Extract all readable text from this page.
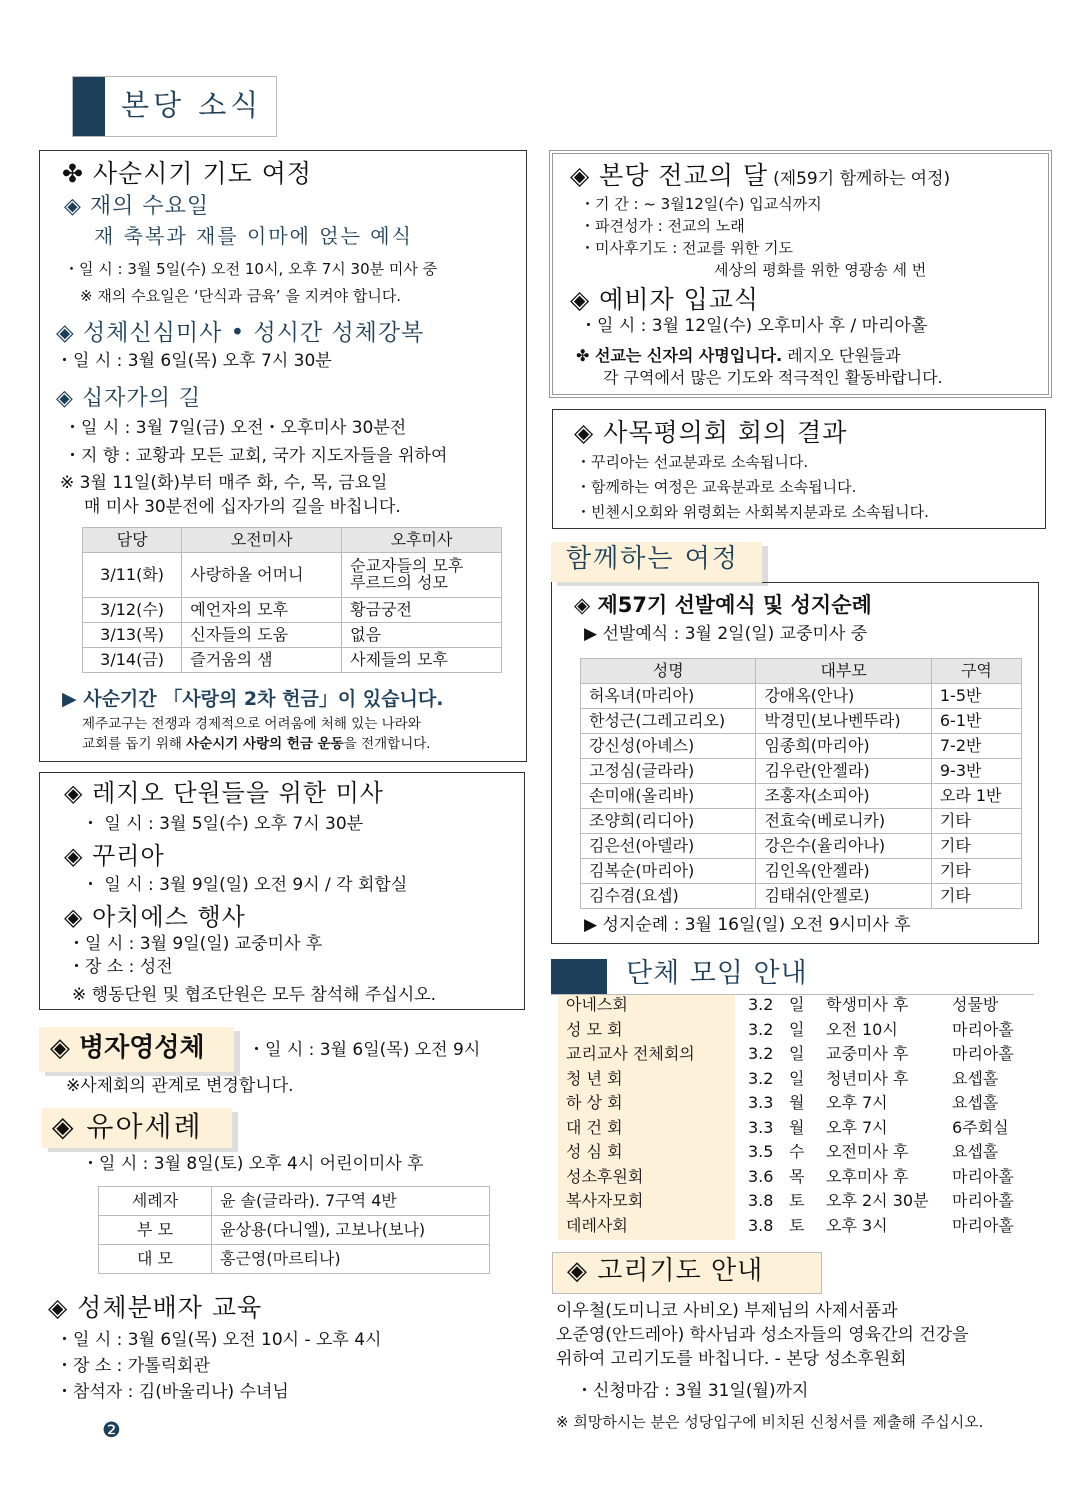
본당 소식
✤ 사순시기 기도 여정
◈ 재의 수요일
재 축복과 재를 이마에 얹는 예식
・일 시 : 3월 5일(수) 오전 10시, 오후 7시 30분 미사 중
※ 재의 수요일은 ‘단식과 금육’ 을 지켜야 합니다.
◈ 성체신심미사 • 성시간 성체강복
・일 시 : 3월 6일(목) 오후 7시 30분
◈ 십자가의 길
・일 시 : 3월 7일(금) 오전・오후미사 30분전
・지 향 : 교황과 모든 교회, 국가 지도자들을 위하여
※ 3월 11일(화)부터 매주 화, 수, 목, 금요일
매 미사 30분전에 십자가의 길을 바칩니다.
담당	오전미사	오후미사
3/11(화)	사랑하올 어머니	순교자들의 모후
루르드의 성모
3/12(수)	예언자의 모후	황금궁전
3/13(목)	신자들의 도움	없음
3/14(금)	즐거움의 샘	사제들의 모후
▶ 사순기간 「사랑의 2차 헌금」이 있습니다.
제주교구는 전쟁과 경제적으로 어려움에 처해 있는 나라와
교회를 돕기 위해 사순시기 사랑의 헌금 운동을 전개합니다.
◈ 레지오 단원들을 위한 미사
・ 일 시 : 3월 5일(수) 오후 7시 30분
◈ 꾸리아
・ 일 시 : 3월 9일(일) 오전 9시 / 각 회합실
◈ 아치에스 행사
・일 시 : 3월 9일(일) 교중미사 후
・장 소 : 성전
※ 행동단원 및 협조단원은 모두 참석해 주십시오.
◈ 병자영성체	・일 시 : 3월 6일(목) 오전 9시
※사제회의 관계로 변경합니다.
◈ 유아세례
・일 시 : 3월 8일(토) 오후 4시 어린이미사 후
세례자	윤 솔(글라라). 7구역 4반
부 모	윤상용(다니엘), 고보나(보나)
대 모	홍근영(마르티나)
◈ 성체분배자 교육
・일 시 : 3월 6일(목) 오전 10시 - 오후 4시
・장 소 : 가톨릭회관
・참석자 : 김(바울리나) 수녀님
❷
◈ 본당 전교의 달 (제59기 함께하는 여정)
・기 간 : ~ 3월12일(수) 입교식까지
・파견성가 : 전교의 노래
・미사후기도 : 전교를 위한 기도
세상의 평화를 위한 영광송 세 번
◈ 예비자 입교식
・일 시 : 3월 12일(수) 오후미사 후 / 마리아홀
✤ 선교는 신자의 사명입니다. 레지오 단원들과
각 구역에서 많은 기도와 적극적인 활동바랍니다.
◈ 사목평의회 회의 결과
・꾸리아는 선교분과로 소속됩니다.
・함께하는 여정은 교육분과로 소속됩니다.
・빈첸시오회와 위령회는 사회복지분과로 소속됩니다.
함께하는 여정
◈ 제57기 선발예식 및 성지순례
▶ 선발예식 : 3월 2일(일) 교중미사 중
성명	대부모	구역
허옥녀(마리아)	강애옥(안나)	1-5반
한성근(그레고리오)	박경민(보나벤뚜라)	6-1반
강신성(아녜스)	임종희(마리아)	7-2반
고정심(글라라)	김우란(안젤라)	9-3반
손미애(올리바)	조홍자(소피아)	오라 1반
조양희(리디아)	전효숙(베로니카)	기타
김은선(아델라)	강은수(율리아나)	기타
김복순(마리아)	김인옥(안젤라)	기타
김수겸(요셉)	김태쉬(안젤로)	기타
▶ 성지순례 : 3월 16일(일) 오전 9시미사 후
단체 모임 안내
아네스회	3.2 일 학생미사 후	성물방
성 모 회	3.2 일 오전 10시	마리아홀
교리교사 전체회의	3.2 일 교중미사 후	마리아홀
청 년 회	3.2 일 청년미사 후	요셉홀
하 상 회	3.3 월 오후 7시	요셉홀
대 건 회	3.3 월 오후 7시	6주회실
성 심 회	3.5 수 오전미사 후	요셉홀
성소후원회	3.6 목 오후미사 후	마리아홀
복사자모회	3.8 토 오후 2시 30분 마리아홀
데레사회	3.8 토 오후 3시	마리아홀
◈ 고리기도 안내
이우철(도미니코 사비오) 부제님의 사제서품과
오준영(안드레아) 학사님과 성소자들의 영육간의 건강을
위하여 고리기도를 바칩니다. - 본당 성소후원회
・신청마감 : 3월 31일(월)까지
※ 희망하시는 분은 성당입구에 비치된 신청서를 제출해 주십시오.
